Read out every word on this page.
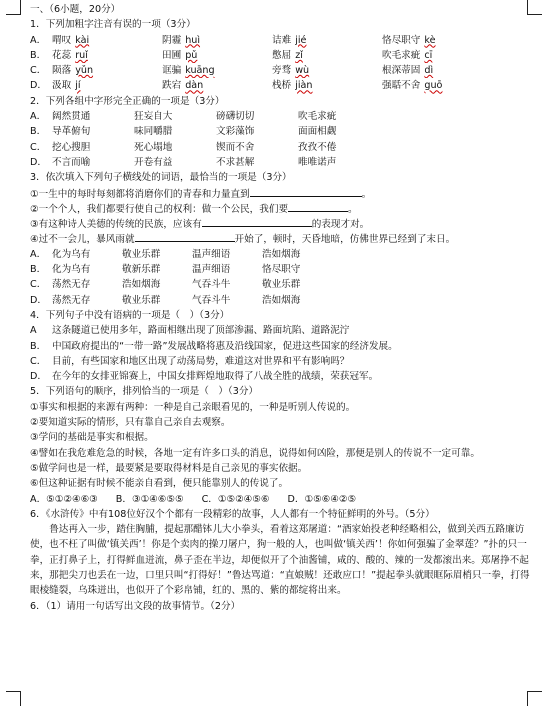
一、（6小题，20分）
1．下列加粗字注音有误的一项（3分）
A． 喟叹 kài	阴霾 huì	诘难 jié	恪尽职守 kè
B． 花蕊 ruǐ	田圃 pǔ	憋屈 zǐ	吹毛求疵 cī
C． 陨落 yǔn	诓骗 kuāng	旁骛 wù	根深蒂固 dì
D． 汲取 jí	跌宕 dàn	栈桥 jiàn	强聒不舍 guō
2．下列各组中字形完全正确的一项是（3分）
A． 阔然贯通	狂妄自大	磅礴切切	吹毛求疵
B． 导革俯旬	味同嚼腊	文彩藻饰	面面相觑
C． 挖心搜胆	死心塌地	锲而不舍	孜孜不倦
D． 不言而喻	开卷有益	不求甚解	唯唯诺声
3．依次填入下列句子横线处的词语，最恰当的一项是（3分）
①一生中的每时每刻都将消磨你们的青春和力量直到	。
②一个个人，我们都要行使自己的权利：做一个公民，我们要	。
③有这种诗人美德的传统的民族，应该有	的表现才对。
④过不一会儿，暴风雨就	开始了，顿时，天昏地暗，仿佛世界已经到了末日。
A． 化为乌有	敬业乐群	温声细语	浩如烟海
B． 化为乌有	敬新乐群	温声细语	恪尽职守
C． 荡然无存	浩如烟海	气吞斗牛	敬业乐群
D． 荡然无存	敬业乐群	气吞斗牛	浩如烟海
4．下列句子中没有语病的一项是（　）（3分）
A	这条隧道已使用多年，路面相继出现了顶部渗漏、路面坑陷、道路泥泞
B． 中国政府提出的“一带一路”发展战略将惠及沿线国家，促进这些国家的经济发展。
C． 目前，有些国家和地区出现了动荡局势，难道这对世界和平有影响吗？
D． 在今年的女排亚锦赛上，中国女排辉煌地取得了八战全胜的战绩，荣获冠军。
5．下列语句的顺序，排列恰当的一项是（　）（3分）
①事实和根据的来源有两种：一种是自己亲眼看见的，一种是听别人传说的。
②要知道实际的情形，只有靠自己亲自去观察。
③学问的基础是事实和根据。
④譬如在我危难危急的时候，各地一定有许多口头的消息，说得如何凶险，那便是别人的传说不一定可靠。
⑤做学问也是一样，最要紧是要取得材料是自己亲见的事实依据。
⑥但这种证据有时候不能亲自看到，便只能靠别人的传说了。
A．⑤①②④⑥③ B．③①④⑥⑤⑤ C．①⑤②④⑤⑥ D．①⑤⑥④②⑤
6．《水浒传》中有108位好汉个个都有一段精彩的故事，人人都有一个特征鲜明的外号。（5分）
鲁达再入一步，踏住胸脯，提起那醋钵儿大小拳头，看着这郑屠道：“酒家始投老种经略相公，做到关西五路廉访使，也不枉了叫做‘镇关西’！你是个卖肉的操刀屠户，狗一般的人，也叫做‘镇关西’！你如何强骗了金翠莲？”扑的只一拳，正打鼻子上，打得鲜血迸流，鼻子歪在半边，却便似开了个油酱铺，咸的、酸的、辣的一发都滚出来。郑屠挣不起来，那把尖刀也丢在一边，口里只叫“打得好！”鲁达骂道：“直娘贼！还敢应口！”提起拳头就眼眶际眉梢只一拳，打得眼棱缝裂，乌珠迸出，也似开了个彩帛铺，红的、黑的、紫的都绽将出来。
6．（1）请用一句话写出文段的故事情节。（2分）
